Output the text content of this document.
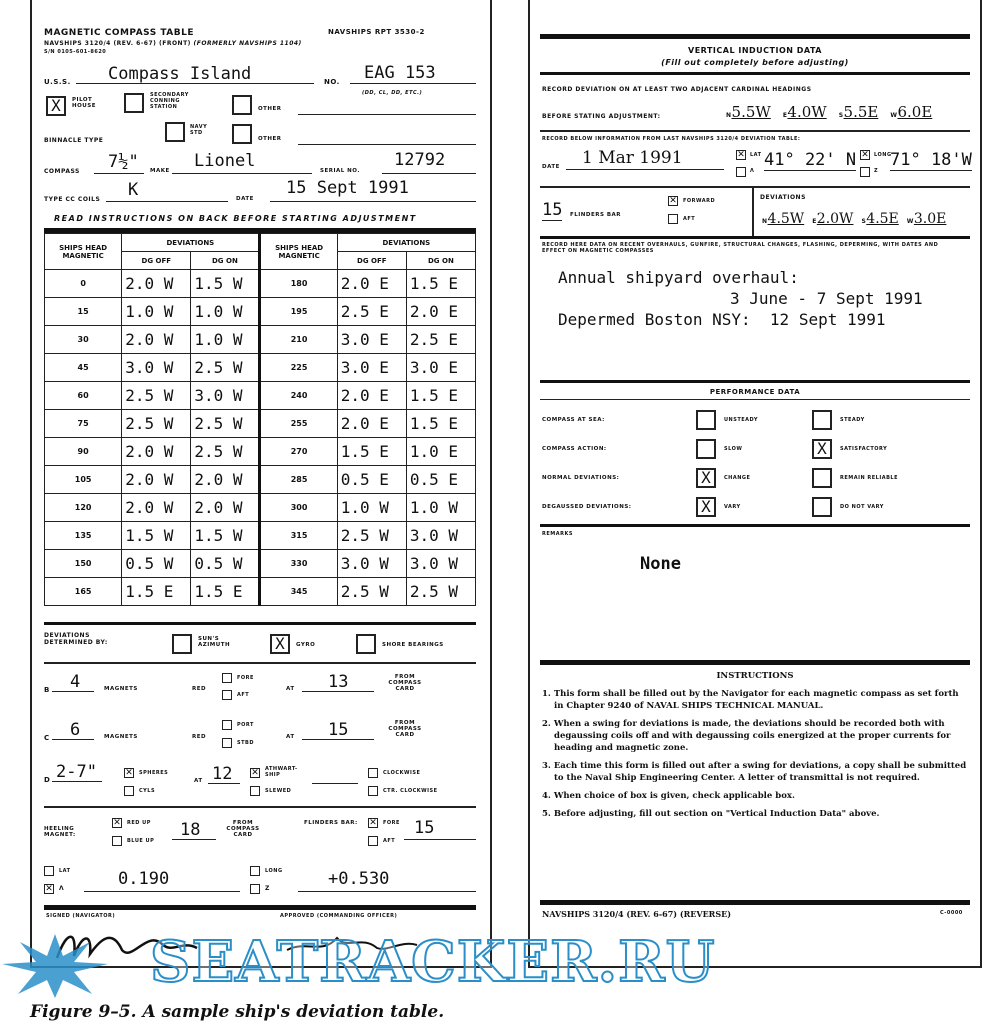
MAGNETIC COMPASS TABLE	NAVSHIPS RPT 3530-2
NAVSHIPS 3120/4 (REV. 6-67) (FRONT) (FORMERLY NAVSHIPS 1104)
S/N 0105-601-8620
U.S.S. Compass Island	NO. EAG 153
(DD, CL, DD, ETC.)
X	PILOT HOUSE
SECONDARY CONNING STATION	OTHER
BINNACLE TYPE
NAVY STD
OTHER
COMPASS 7½" MAKE Lionel	SERIAL NO.
12792
TYPE CC COILS K	DATE
15 Sept 1991
READ INSTRUCTIONS ON BACK BEFORE STARTING ADJUSTMENT
SHIPS HEAD MAGNETIC	DEVIATIONS		SHIPS HEAD MAGNETIC	DEVIATIONS	
	DG OFF	DG ON		DG OFF	DG ON
0	2.0 W	1.5 W	180	2.0 E	1.5 E
15	1.0 W	1.0 W	195	2.5 E	2.0 E
30	2.0 W	1.0 W	210	3.0 E	2.5 E
45	3.0 W	2.5 W	225	3.0 E	3.0 E
60	2.5 W	3.0 W	240	2.0 E	1.5 E
75	2.5 W	2.5 W	255	2.0 E	1.5 E
90	2.0 W	2.5 W	270	1.5 E	1.0 E
105	2.0 W	2.0 W	285	0.5 E	0.5 E
120	2.0 W	2.0 W	300	1.0 W	1.0 W
135	1.5 W	1.5 W	315	2.5 W	3.0 W
150	0.5 W	0.5 W	330	3.0 W	3.0 W
165	1.5 E	1.5 E	345	2.5 W	2.5 W
DEVIATIONS DETERMINED BY:	SUN'S AZIMUTH	X	GYRO	SHORE BEARINGS
B 4	MAGNETS	RED
FORE
AFT
AT 13	FROM COMPASS CARD
C 6	MAGNETS	RED
PORT
STBD
AT 15	FROM COMPASS CARD
D 2-7"	✕ SPHERES
CYLS
AT 12 ✕ ATHWART-SHIP
SLEWED
CLOCKWISE
CTR. CLOCKWISE
HEELING MAGNET:
✕ RED UP
BLUE UP
18	FROM COMPASS CARD
FLINDERS BAR: ✕ FORE
AFT
15
LAT
✕ Λ	0.190	LONG
Z	+0.530
SIGNED (NAVIGATOR)	APPROVED (COMMANDING OFFICER)
VERTICAL INDUCTION DATA
(Fill out completely before adjusting)
RECORD DEVIATION ON AT LEAST TWO ADJACENT CARDINAL HEADINGS
BEFORE STATING ADJUSTMENT:	N5.5W E4.0W S5.5E W6.0E
RECORD BELOW INFORMATION FROM LAST NAVSHIPS 3120/4 DEVIATION TABLE:
DATE 1 Mar 1991	✕ LAT
Λ
41° 22' N ✕ LONG
Z
71° 18'W
15 FLINDERS BAR
✕ FORWARD
AFT
DEVIATIONS
N4.5W E2.0W S4.5E W3.0E
RECORD HERE DATA ON RECENT OVERHAULS, GUNFIRE, STRUCTURAL CHANGES, FLASHING, DEPERMING, WITH DATES AND EFFECT ON MAGNETIC COMPASSES
Annual shipyard overhaul:
3 June - 7 Sept 1991
Depermed Boston NSY:  12 Sept 1991
PERFORMANCE DATA
COMPASS AT SEA:	UNSTEADY	STEADY
COMPASS ACTION:	SLOW	X	SATISFACTORY
NORMAL DEVIATIONS:	X	CHANGE	REMAIN RELIABLE
DEGAUSSED DEVIATIONS:	X	VARY	DO NOT VARY
REMARKS
None
INSTRUCTIONS
1. This form shall be filled out by the Navigator for each magnetic compass as set forth in Chapter 9240 of NAVAL SHIPS TECHNICAL MANUAL.
2. When a swing for deviations is made, the deviations should be recorded both with degaussing coils off and with degaussing coils energized at the proper currents for heading and magnetic zone.
3. Each time this form is filled out after a swing for deviations, a copy shall be submitted to the Naval Ship Engineering Center. A letter of transmittal is not required.
4. When choice of box is given, check applicable box.
5. Before adjusting, fill out section on "Vertical Induction Data" above.
NAVSHIPS 3120/4 (REV. 6-67) (REVERSE)	C-0000
SEATRACKER.RU
Figure 9–5. A sample ship's deviation table.
